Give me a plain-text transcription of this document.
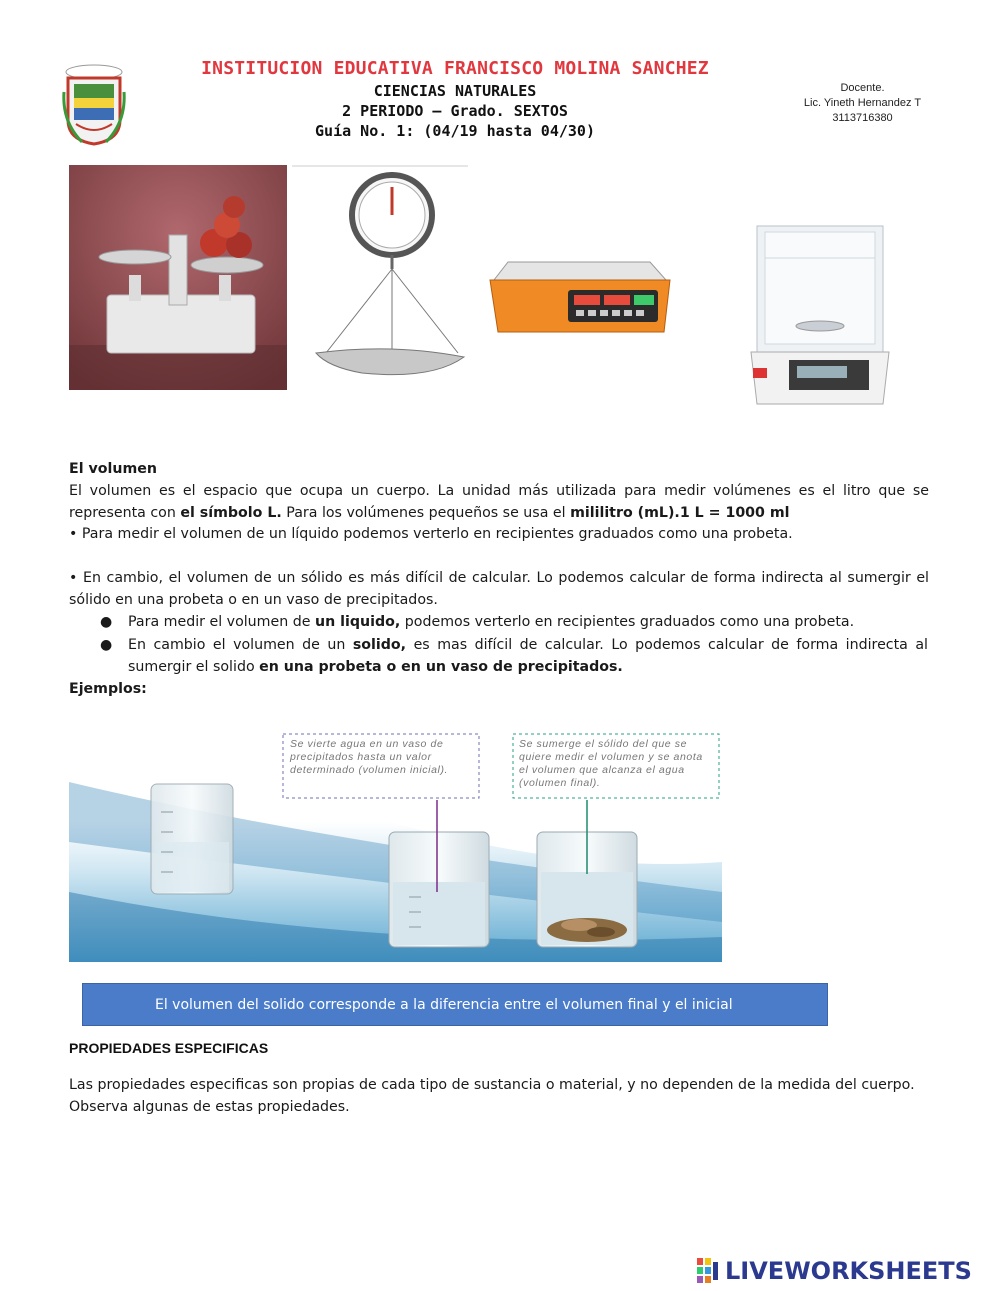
INSTITUCION EDUCATIVA FRANCISCO MOLINA SANCHEZ
CIENCIAS NATURALES
2 PERIODO – Grado. SEXTOS
Guía No. 1: (04/19 hasta 04/30)
Docente.
Lic. Yineth Hernandez T
3113716380
El volumen
El volumen es el espacio que ocupa un cuerpo. La unidad más utilizada para medir volúmenes es el litro que se representa con el símbolo L. Para los volúmenes pequeños se usa el mililitro (mL).1 L = 1000 ml
• Para medir el volumen de un líquido podemos verterlo en recipientes graduados como una probeta.
• En cambio, el volumen de un sólido es más difícil de calcular. Lo podemos calcular de forma indirecta al sumergir el sólido en una probeta o en un vaso de precipitados.
● Para medir el volumen de un liquido, podemos verterlo en recipientes graduados como una probeta.
● En cambio el volumen de un solido, es mas difícil de calcular. Lo podemos calcular de forma indirecta al sumergir el solido en una probeta o en un vaso de precipitados.
Ejemplos:
Se vierte agua en un vaso de precipitados hasta un valor determinado (volumen inicial).
Se sumerge el sólido del que se quiere medir el volumen y se anota el volumen que alcanza el agua (volumen final).
El volumen del solido corresponde a la diferencia entre el volumen final y el inicial
PROPIEDADES ESPECIFICAS
Las propiedades especificas son propias de cada tipo de sustancia o material, y no dependen de la medida del cuerpo. Observa algunas de estas propiedades.
LIVEWORKSHEETS
